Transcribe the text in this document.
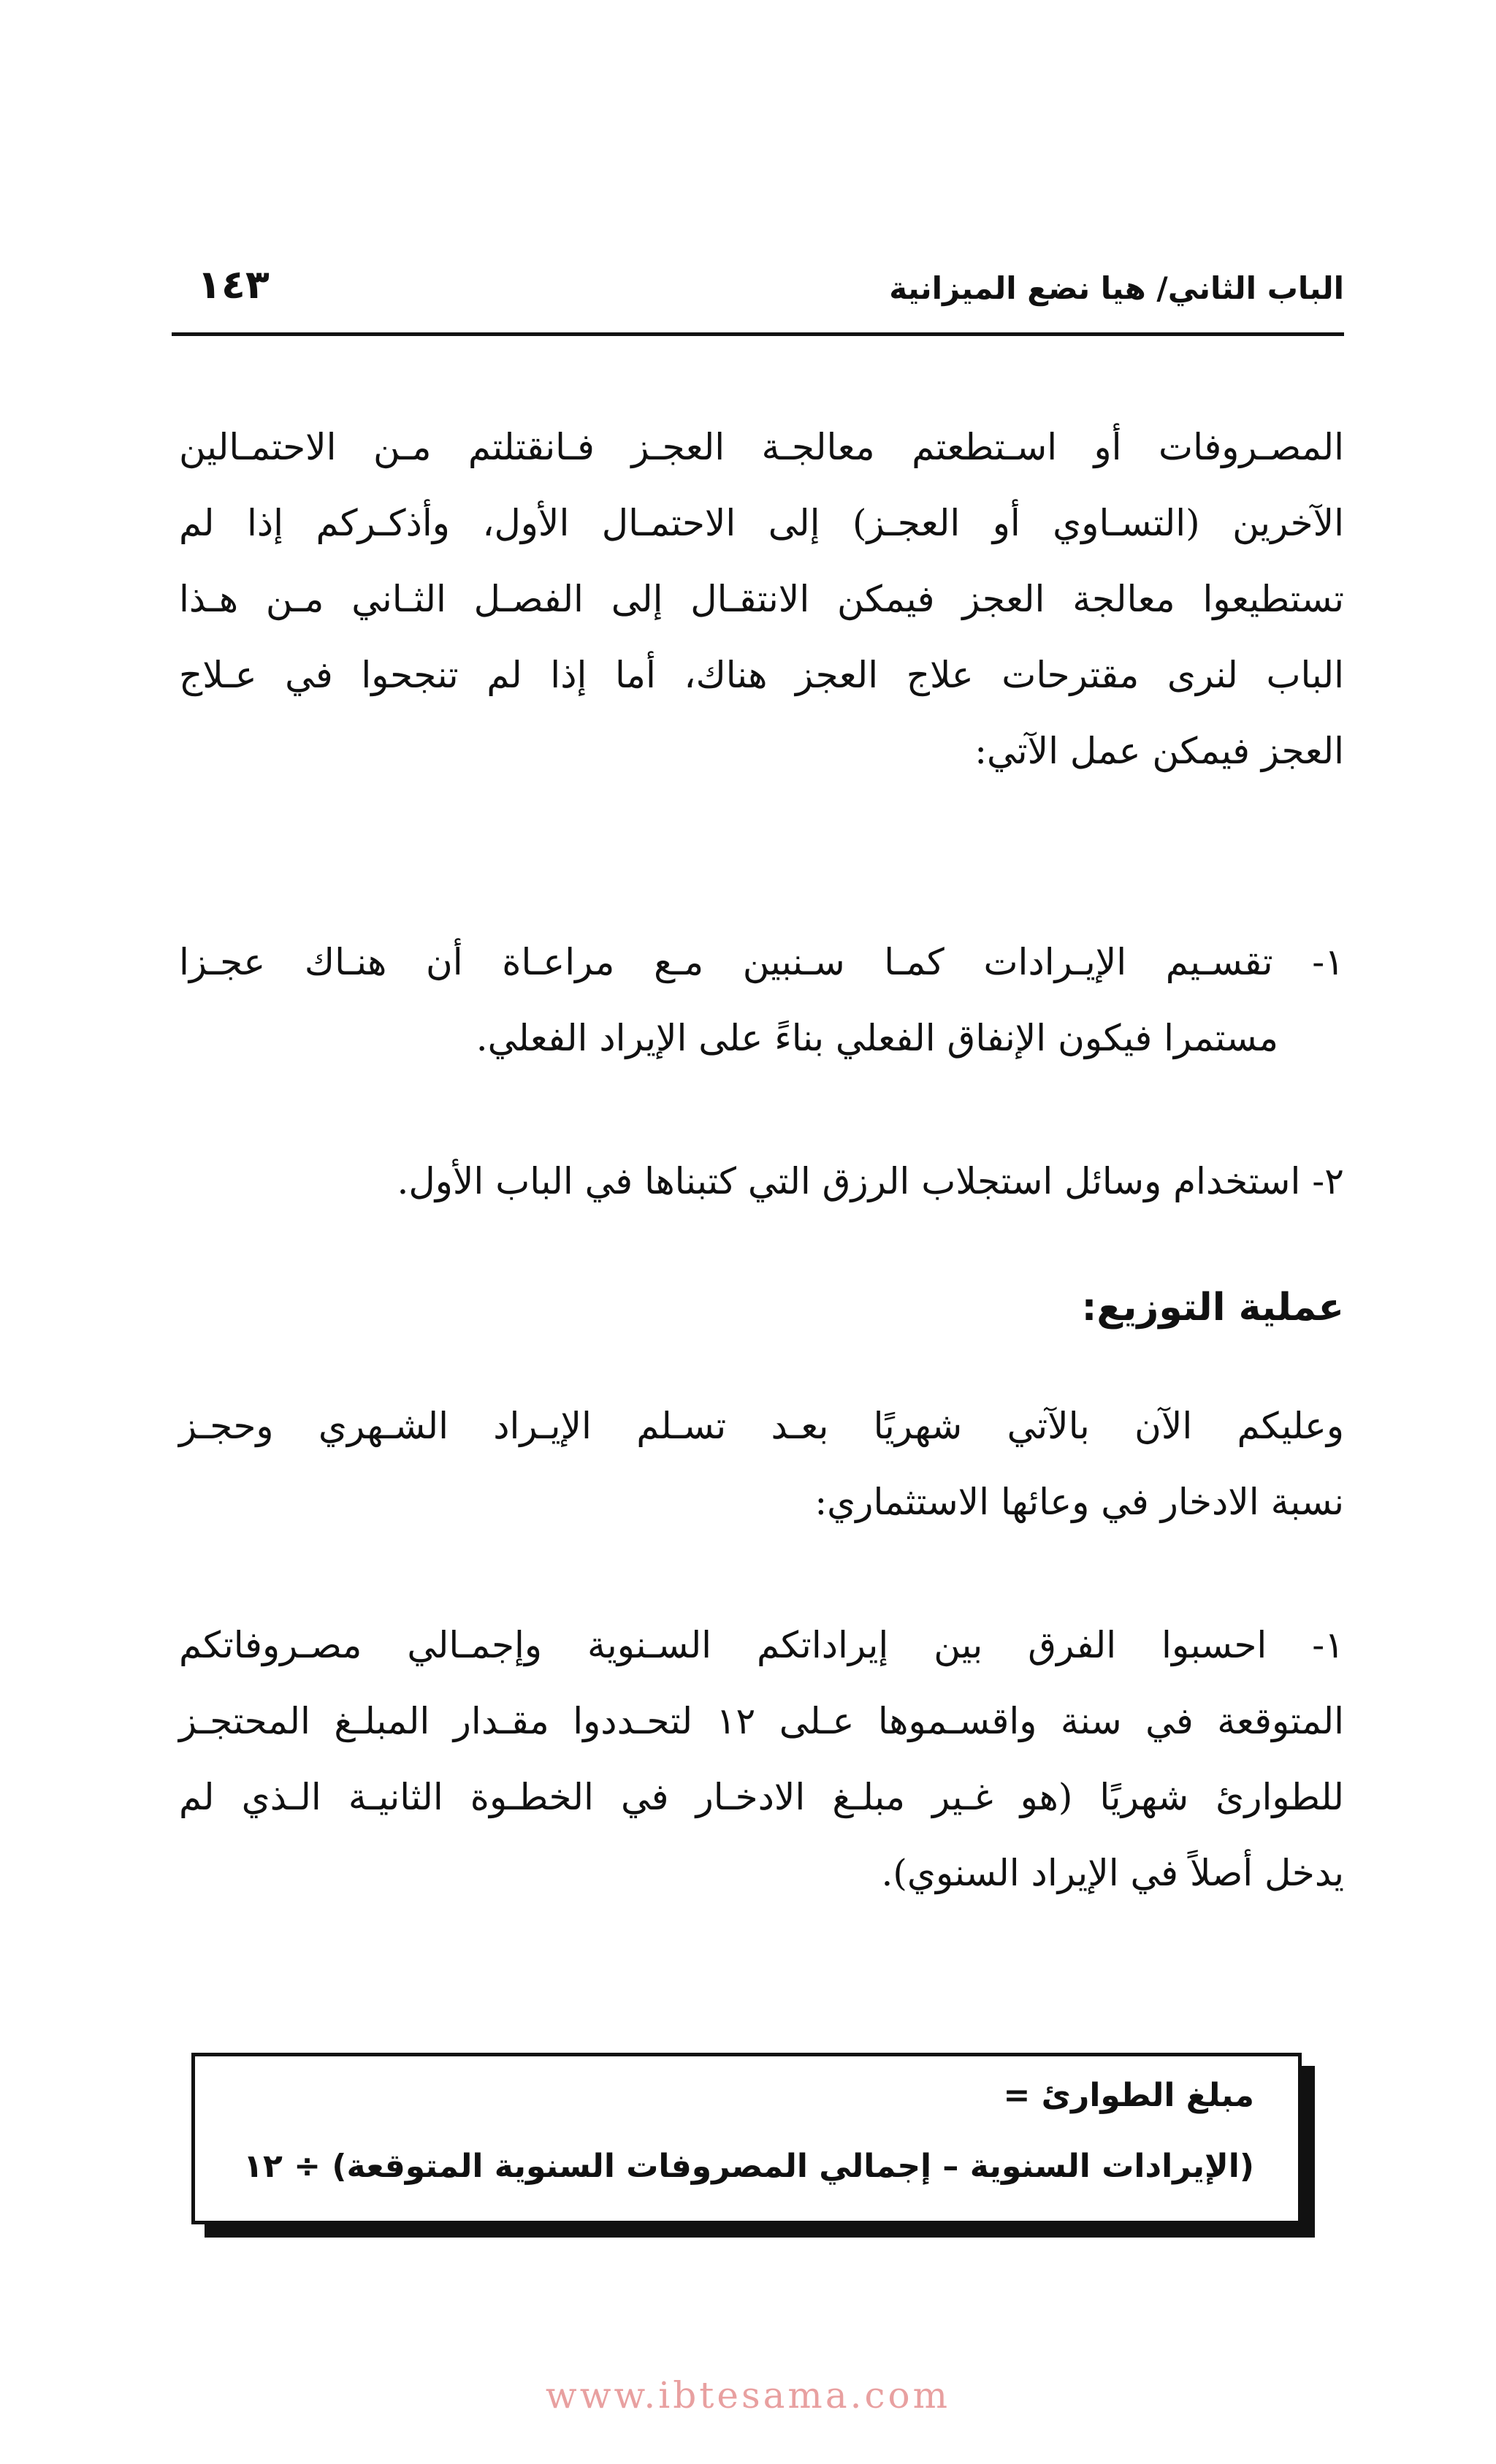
الباب الثاني/ هيا نضع الميزانية
١٤٣
المصـروفات أو اسـتطعتم معالجـة العجـز فـانقتلتم مـن الاحتمـالين
الآخرين (التسـاوي أو العجـز) إلى الاحتمـال الأول، وأذكـركم إذا لم
تستطيعوا معالجة العجز فيمكن الانتقـال إلى الفصـل الثـاني مـن هـذا
الباب لنرى مقترحات علاج العجز هناك، أما إذا لم تنجحوا في عـلاج
العجز فيمكن عمل الآتي:
١- تقسـيم الإيـرادات كمـا سـنبين مـع مراعـاة أن هنـاك عجـزا
مستمرا فيكون الإنفاق الفعلي بناءً على الإيراد الفعلي.
٢- استخدام وسائل استجلاب الرزق التي كتبناها في الباب الأول.
عملية التوزيع:
وعليكم الآن بالآتي شهريًا بعـد تسـلم الإيـراد الشـهري وحجـز
نسبة الادخار في وعائها الاستثماري:
١- احسبوا الفرق بين إيراداتكم السـنوية وإجمـالي مصـروفاتكم
المتوقعة في سنة واقسـموها عـلى ١٢ لتحـددوا مقـدار المبلـغ المحتجـز
للطوارئ شهريًا (هو غـير مبلـغ الادخـار في الخطـوة الثانيـة الـذي لم
يدخل أصلاً في الإيراد السنوي).
مبلغ الطوارئ =
(الإيرادات السنوية – إجمالي المصروفات السنوية المتوقعة) ÷ ١٢
www.ibtesama.com
